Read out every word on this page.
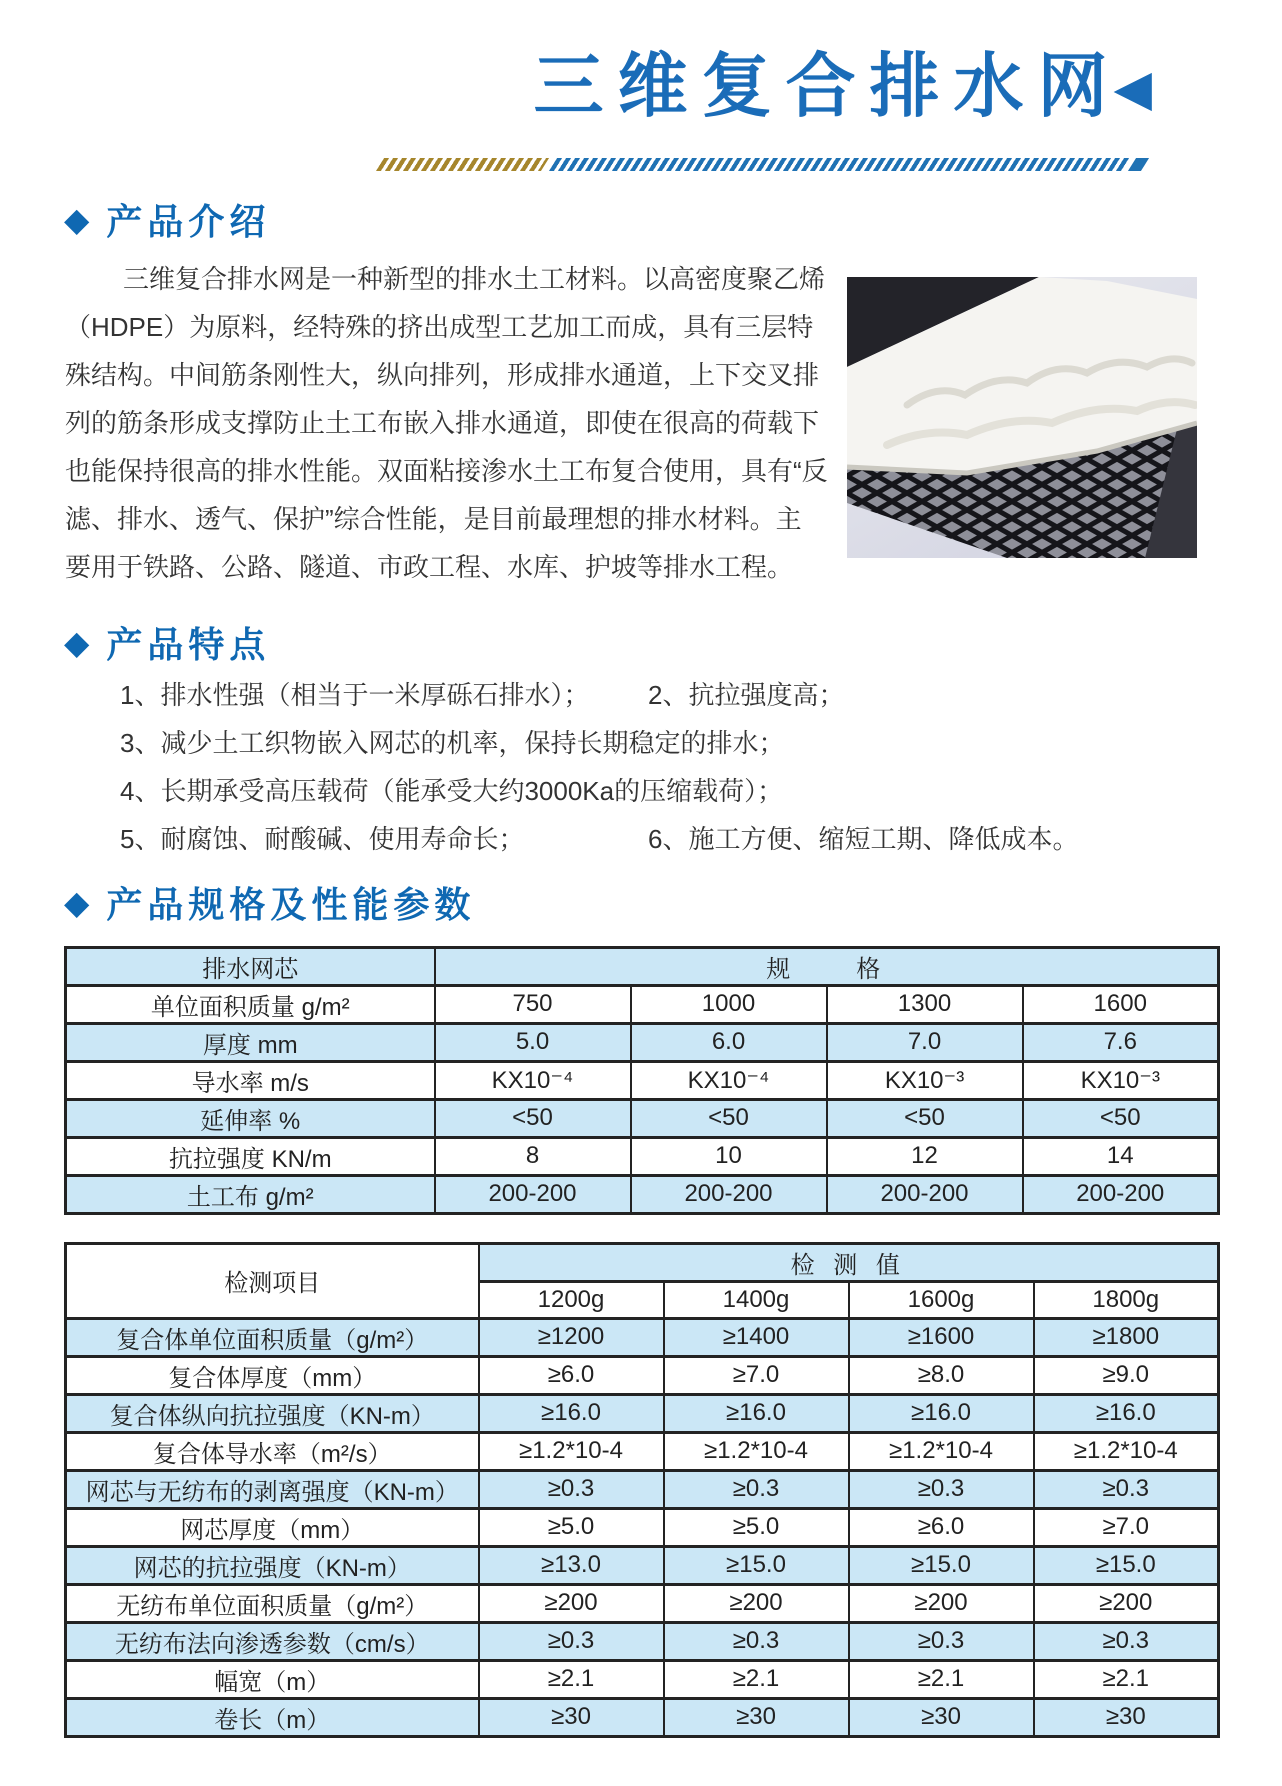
三维复合排水网
◀
◆ 产品介绍
三维复合排水网是一种新型的排水土工材料。以高密度聚乙烯
（HDPE）为原料，经特殊的挤出成型工艺加工而成，具有三层特
殊结构。中间筋条刚性大，纵向排列，形成排水通道，上下交叉排
列的筋条形成支撑防止土工布嵌入排水通道，即使在很高的荷载下
也能保持很高的排水性能。双面粘接渗水土工布复合使用，具有“反
滤、排水、透气、保护”综合性能，是目前最理想的排水材料。主
要用于铁路、公路、隧道、市政工程、水库、护坡等排水工程。
◆ 产品特点
1、排水性强（相当于一米厚砾石排水）； 2、抗拉强度高；
3、减少土工织物嵌入网芯的机率，保持长期稳定的排水；
4、长期承受高压载荷（能承受大约3000Ka的压缩载荷）；
5、耐腐蚀、耐酸碱、使用寿命长；	6、施工方便、缩短工期、降低成本。
◆ 产品规格及性能参数
排水网芯	规　　格			
单位面积质量 g/m²	750	1000	1300	1600
厚度 mm	5.0	6.0	7.0	7.6
导水率 m/s	KX10⁻⁴	KX10⁻⁴	KX10⁻³	KX10⁻³
延伸率 %	<50	<50	<50	<50
抗拉强度 KN/m	8	10	12	14
土工布 g/m²	200-200	200-200	200-200	200-200
检测项目	检 测 值			
	1200g	1400g	1600g	1800g
复合体单位面积质量（g/m²）	≥1200	≥1400	≥1600	≥1800
复合体厚度（mm）	≥6.0	≥7.0	≥8.0	≥9.0
复合体纵向抗拉强度（KN-m）	≥16.0	≥16.0	≥16.0	≥16.0
复合体导水率（m²/s）	≥1.2*10-4	≥1.2*10-4	≥1.2*10-4	≥1.2*10-4
网芯与无纺布的剥离强度（KN-m）	≥0.3	≥0.3	≥0.3	≥0.3
网芯厚度（mm）	≥5.0	≥5.0	≥6.0	≥7.0
网芯的抗拉强度（KN-m）	≥13.0	≥15.0	≥15.0	≥15.0
无纺布单位面积质量（g/m²）	≥200	≥200	≥200	≥200
无纺布法向渗透参数（cm/s）	≥0.3	≥0.3	≥0.3	≥0.3
幅宽（m）	≥2.1	≥2.1	≥2.1	≥2.1
卷长（m）	≥30	≥30	≥30	≥30
